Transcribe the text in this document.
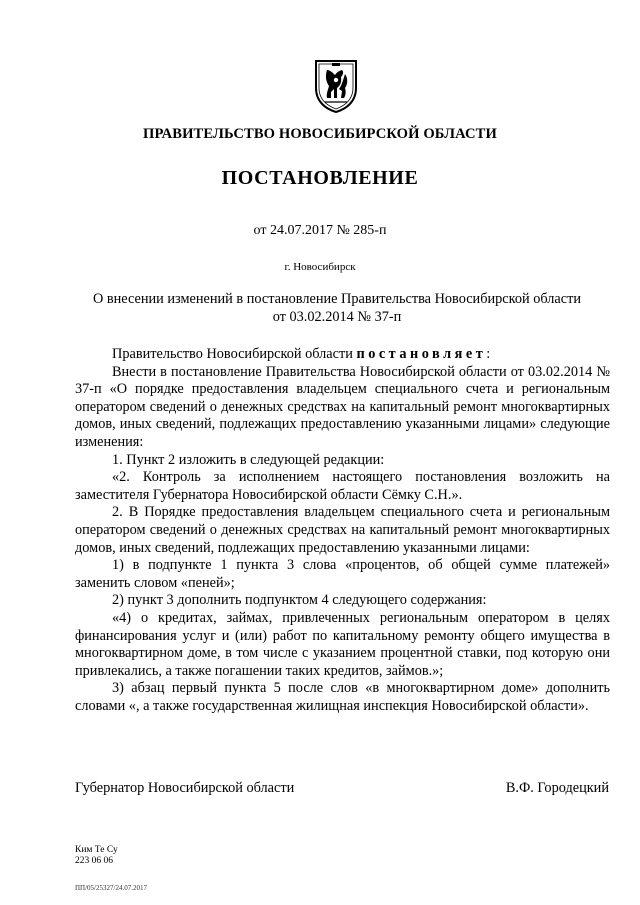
ПРАВИТЕЛЬСТВО НОВОСИБИРСКОЙ ОБЛАСТИ
ПОСТАНОВЛЕНИЕ
от 24.07.2017 № 285-п
г. Новосибирск
О внесении изменений в постановление Правительства Новосибирской области
от 03.02.2014 № 37-п

Правительство Новосибирской области постановляет:

Внести в постановление Правительства Новосибирской области от 03.02.2014 № 37-п «О порядке предоставления владельцем специального счета и региональным оператором сведений о денежных средствах на капитальный ремонт многоквартирных домов, иных сведений, подлежащих предоставлению указанными лицами» следующие изменения:

1. Пункт 2 изложить в следующей редакции:

«2. Контроль за исполнением настоящего постановления возложить на заместителя Губернатора Новосибирской области Сёмку С.Н.».

2. В Порядке предоставления владельцем специального счета и региональным оператором сведений о денежных средствах на капитальный ремонт многоквартирных домов, иных сведений, подлежащих предоставлению указанными лицами:

1) в подпункте 1 пункта 3 слова «процентов, об общей сумме платежей» заменить словом «пеней»;

2) пункт 3 дополнить подпунктом 4 следующего содержания:

«4) о кредитах, займах, привлеченных региональным оператором в целях финансирования услуг и (или) работ по капитальному ремонту общего имущества в многоквартирном доме, в том числе с указанием процентной ставки, под которую они привлекались, а также погашении таких кредитов, займов.»;

3) абзац первый пункта 5 после слов «в многоквартирном доме» дополнить словами «, а также государственная жилищная инспекция Новосибирской области».

Губернатор Новосибирской области	В.Ф. Городецкий
Ким Те Су
223 06 06
ПП/05/25327/24.07.2017
